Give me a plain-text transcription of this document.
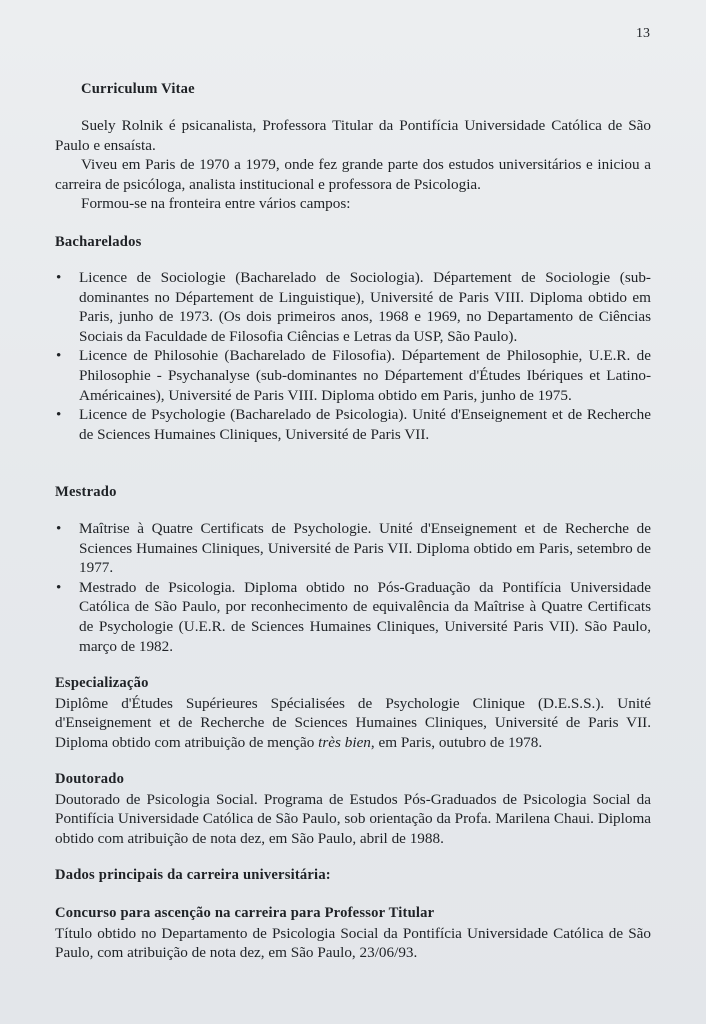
13
Curriculum Vitae

Suely Rolnik é psicanalista, Professora Titular da Pontifícia Universidade Católica de São Paulo e ensaísta.

Viveu em Paris de 1970 a 1979, onde fez grande parte dos estudos universitários e iniciou a carreira de psicóloga, analista institucional e professora de Psicologia.

Formou-se na fronteira entre vários campos:

Bacharelados
• Licence de Sociologie (Bacharelado de Sociologia). Département de Sociologie (sub-dominantes no Département de Linguistique), Université de Paris VIII. Diploma obtido em Paris, junho de 1973. (Os dois primeiros anos, 1968 e 1969, no Departamento de Ciências Sociais da Faculdade de Filosofia Ciências e Letras da USP, São Paulo).
• Licence de Philosohie (Bacharelado de Filosofia). Département de Philosophie, U.E.R. de Philosophie - Psychanalyse (sub-dominantes no Département d'Études Ibériques et Latino-Américaines), Université de Paris VIII. Diploma obtido em Paris, junho de 1975.
• Licence de Psychologie (Bacharelado de Psicologia). Unité d'Enseignement et de Recherche de Sciences Humaines Cliniques, Université de Paris VII.
Mestrado
• Maîtrise à Quatre Certificats de Psychologie. Unité d'Enseignement et de Recherche de Sciences Humaines Cliniques, Université de Paris VII. Diploma obtido em Paris, setembro de 1977.
• Mestrado de Psicologia. Diploma obtido no Pós-Graduação da Pontifícia Universidade Católica de São Paulo, por reconhecimento de equivalência da Maîtrise à Quatre Certificats de Psychologie (U.E.R. de Sciences Humaines Cliniques, Université Paris VII). São Paulo, março de 1982.
Especialização

Diplôme d'Études Supérieures Spécialisées de Psychologie Clinique (D.E.S.S.). Unité d'Enseignement et de Recherche de Sciences Humaines Cliniques, Université de Paris VII. Diploma obtido com atribuição de menção très bien, em Paris, outubro de 1978.

Doutorado

Doutorado de Psicologia Social. Programa de Estudos Pós-Graduados de Psicologia Social da Pontifícia Universidade Católica de São Paulo, sob orientação da Profa. Marilena Chaui. Diploma obtido com atribuição de nota dez, em São Paulo, abril de 1988.

Dados principais da carreira universitária:
Concurso para ascenção na carreira para Professor Titular

Título obtido no Departamento de Psicologia Social da Pontifícia Universidade Católica de São Paulo, com atribuição de nota dez, em São Paulo, 23/06/93.
